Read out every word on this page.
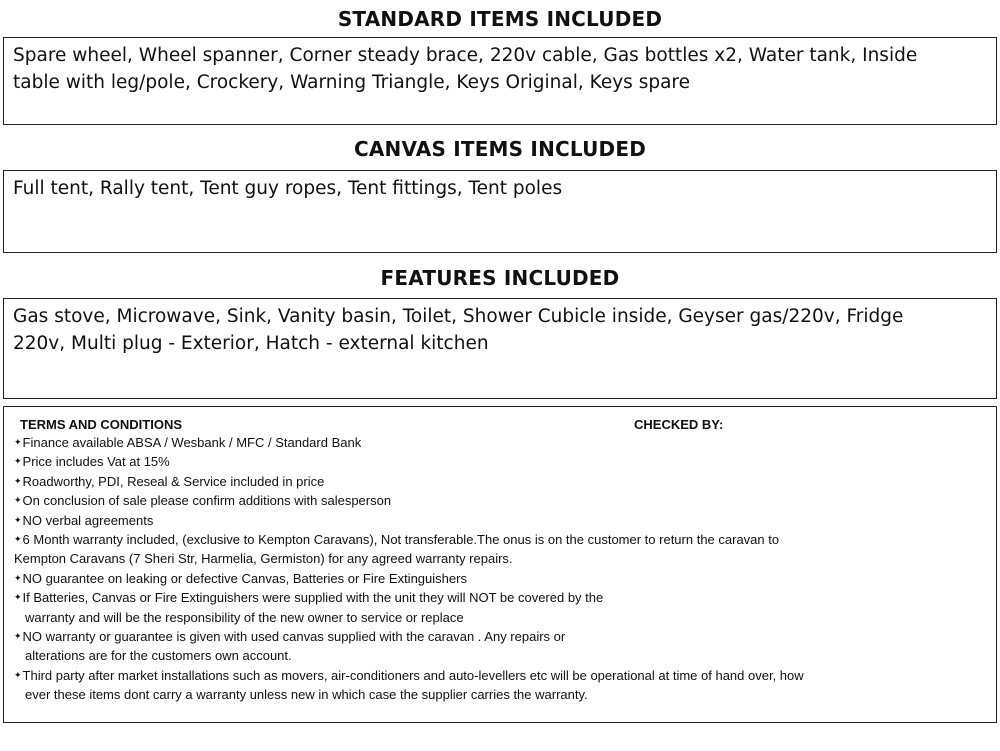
STANDARD ITEMS INCLUDED

Spare wheel, Wheel spanner, Corner steady brace, 220v cable, Gas bottles x2, Water tank, Inside
table with leg/pole, Crockery, Warning Triangle, Keys Original, Keys spare

CANVAS ITEMS INCLUDED

Full tent, Rally tent, Tent guy ropes, Tent fittings, Tent poles

FEATURES INCLUDED

Gas stove, Microwave, Sink, Vanity basin, Toilet, Shower Cubicle inside, Geyser gas/220v, Fridge
220v, Multi plug - Exterior, Hatch - external kitchen

TERMS AND CONDITIONS	CHECKED BY:
✦Finance available ABSA / Wesbank / MFC / Standard Bank
✦Price includes Vat at 15%
✦Roadworthy, PDI, Reseal & Service included in price
✦On conclusion of sale please confirm additions with salesperson
✦NO verbal agreements
✦6 Month warranty included, (exclusive to Kempton Caravans), Not transferable.The onus is on the customer to return the caravan to
Kempton Caravans (7 Sheri Str, Harmelia, Germiston) for any agreed warranty repairs.
✦NO guarantee on leaking or defective Canvas, Batteries or Fire Extinguishers
✦If Batteries, Canvas or Fire Extinguishers were supplied with the unit they will NOT be covered by the
warranty and will be the responsibility of the new owner to service or replace
✦NO warranty or guarantee is given with used canvas supplied with the caravan . Any repairs or
alterations are for the customers own account.
✦Third party after market installations such as movers, air-conditioners and auto-levellers etc will be operational at time of hand over, how
ever these items dont carry a warranty unless new in which case the supplier carries the warranty.
